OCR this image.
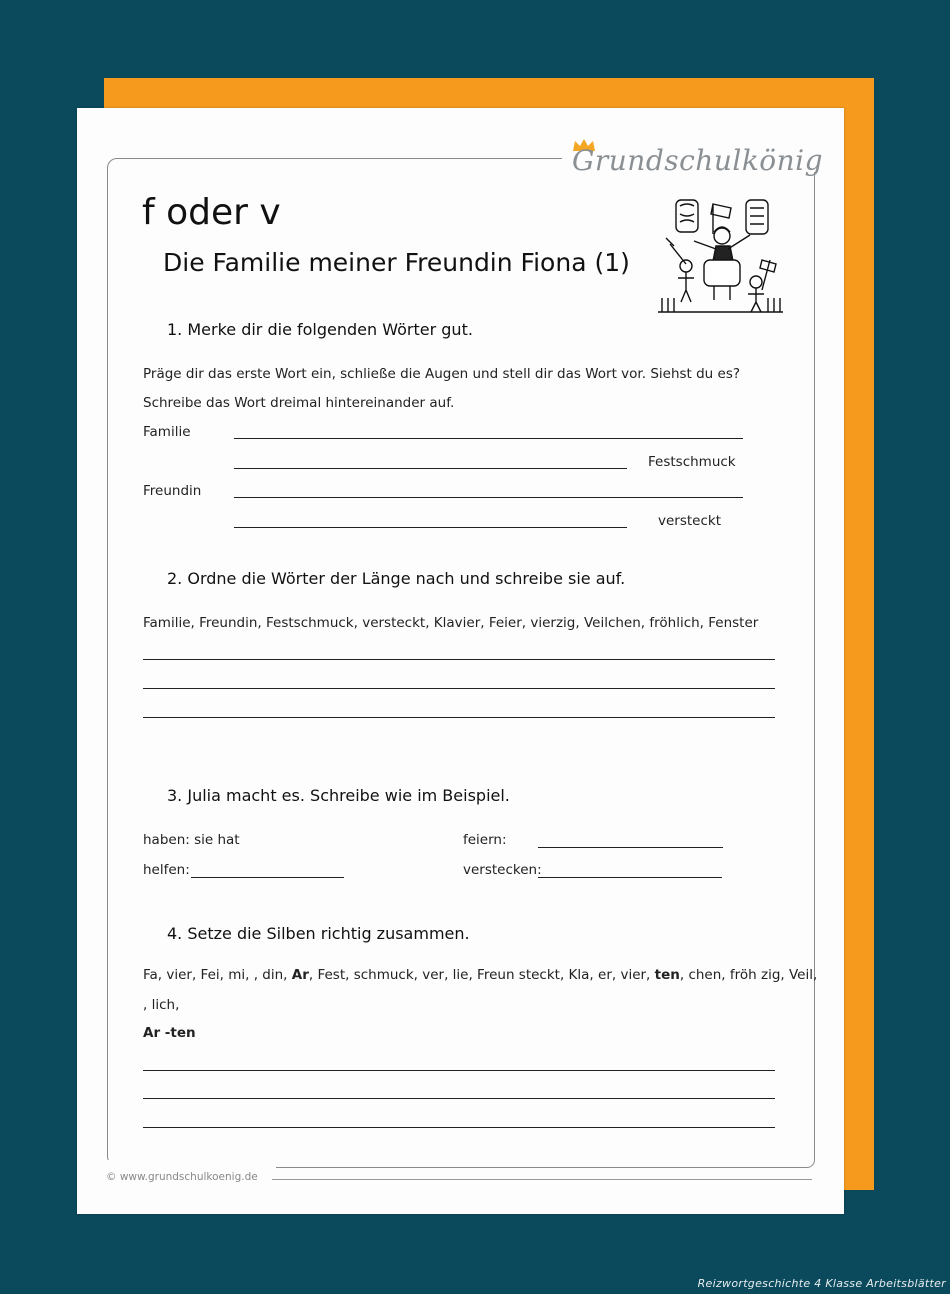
Grundschulkönig
f oder v
Die Familie meiner Freundin Fiona (1)
1. Merke dir die folgenden Wörter gut.
Präge dir das erste Wort ein, schließe die Augen und stell dir das Wort vor. Siehst du es?
Schreibe das Wort dreimal hintereinander auf.
Familie
Festschmuck
Freundin
versteckt
2. Ordne die Wörter der Länge nach und schreibe sie auf.
Familie, Freundin, Festschmuck, versteckt, Klavier, Feier, vierzig, Veilchen, fröhlich, Fenster
3. Julia macht es. Schreibe wie im Beispiel.
haben: sie hat
helfen:
feiern:
verstecken:
4. Setze die Silben richtig zusammen.
Fa, vier, Fei, mi, , din, Ar, Fest, schmuck, ver, lie, Freun steckt, Kla, er, vier, ten, chen, fröh zig, Veil,
, lich,
Ar -ten
© www.grundschulkoenig.de
Reizwortgeschichte 4 Klasse Arbeitsblätter
